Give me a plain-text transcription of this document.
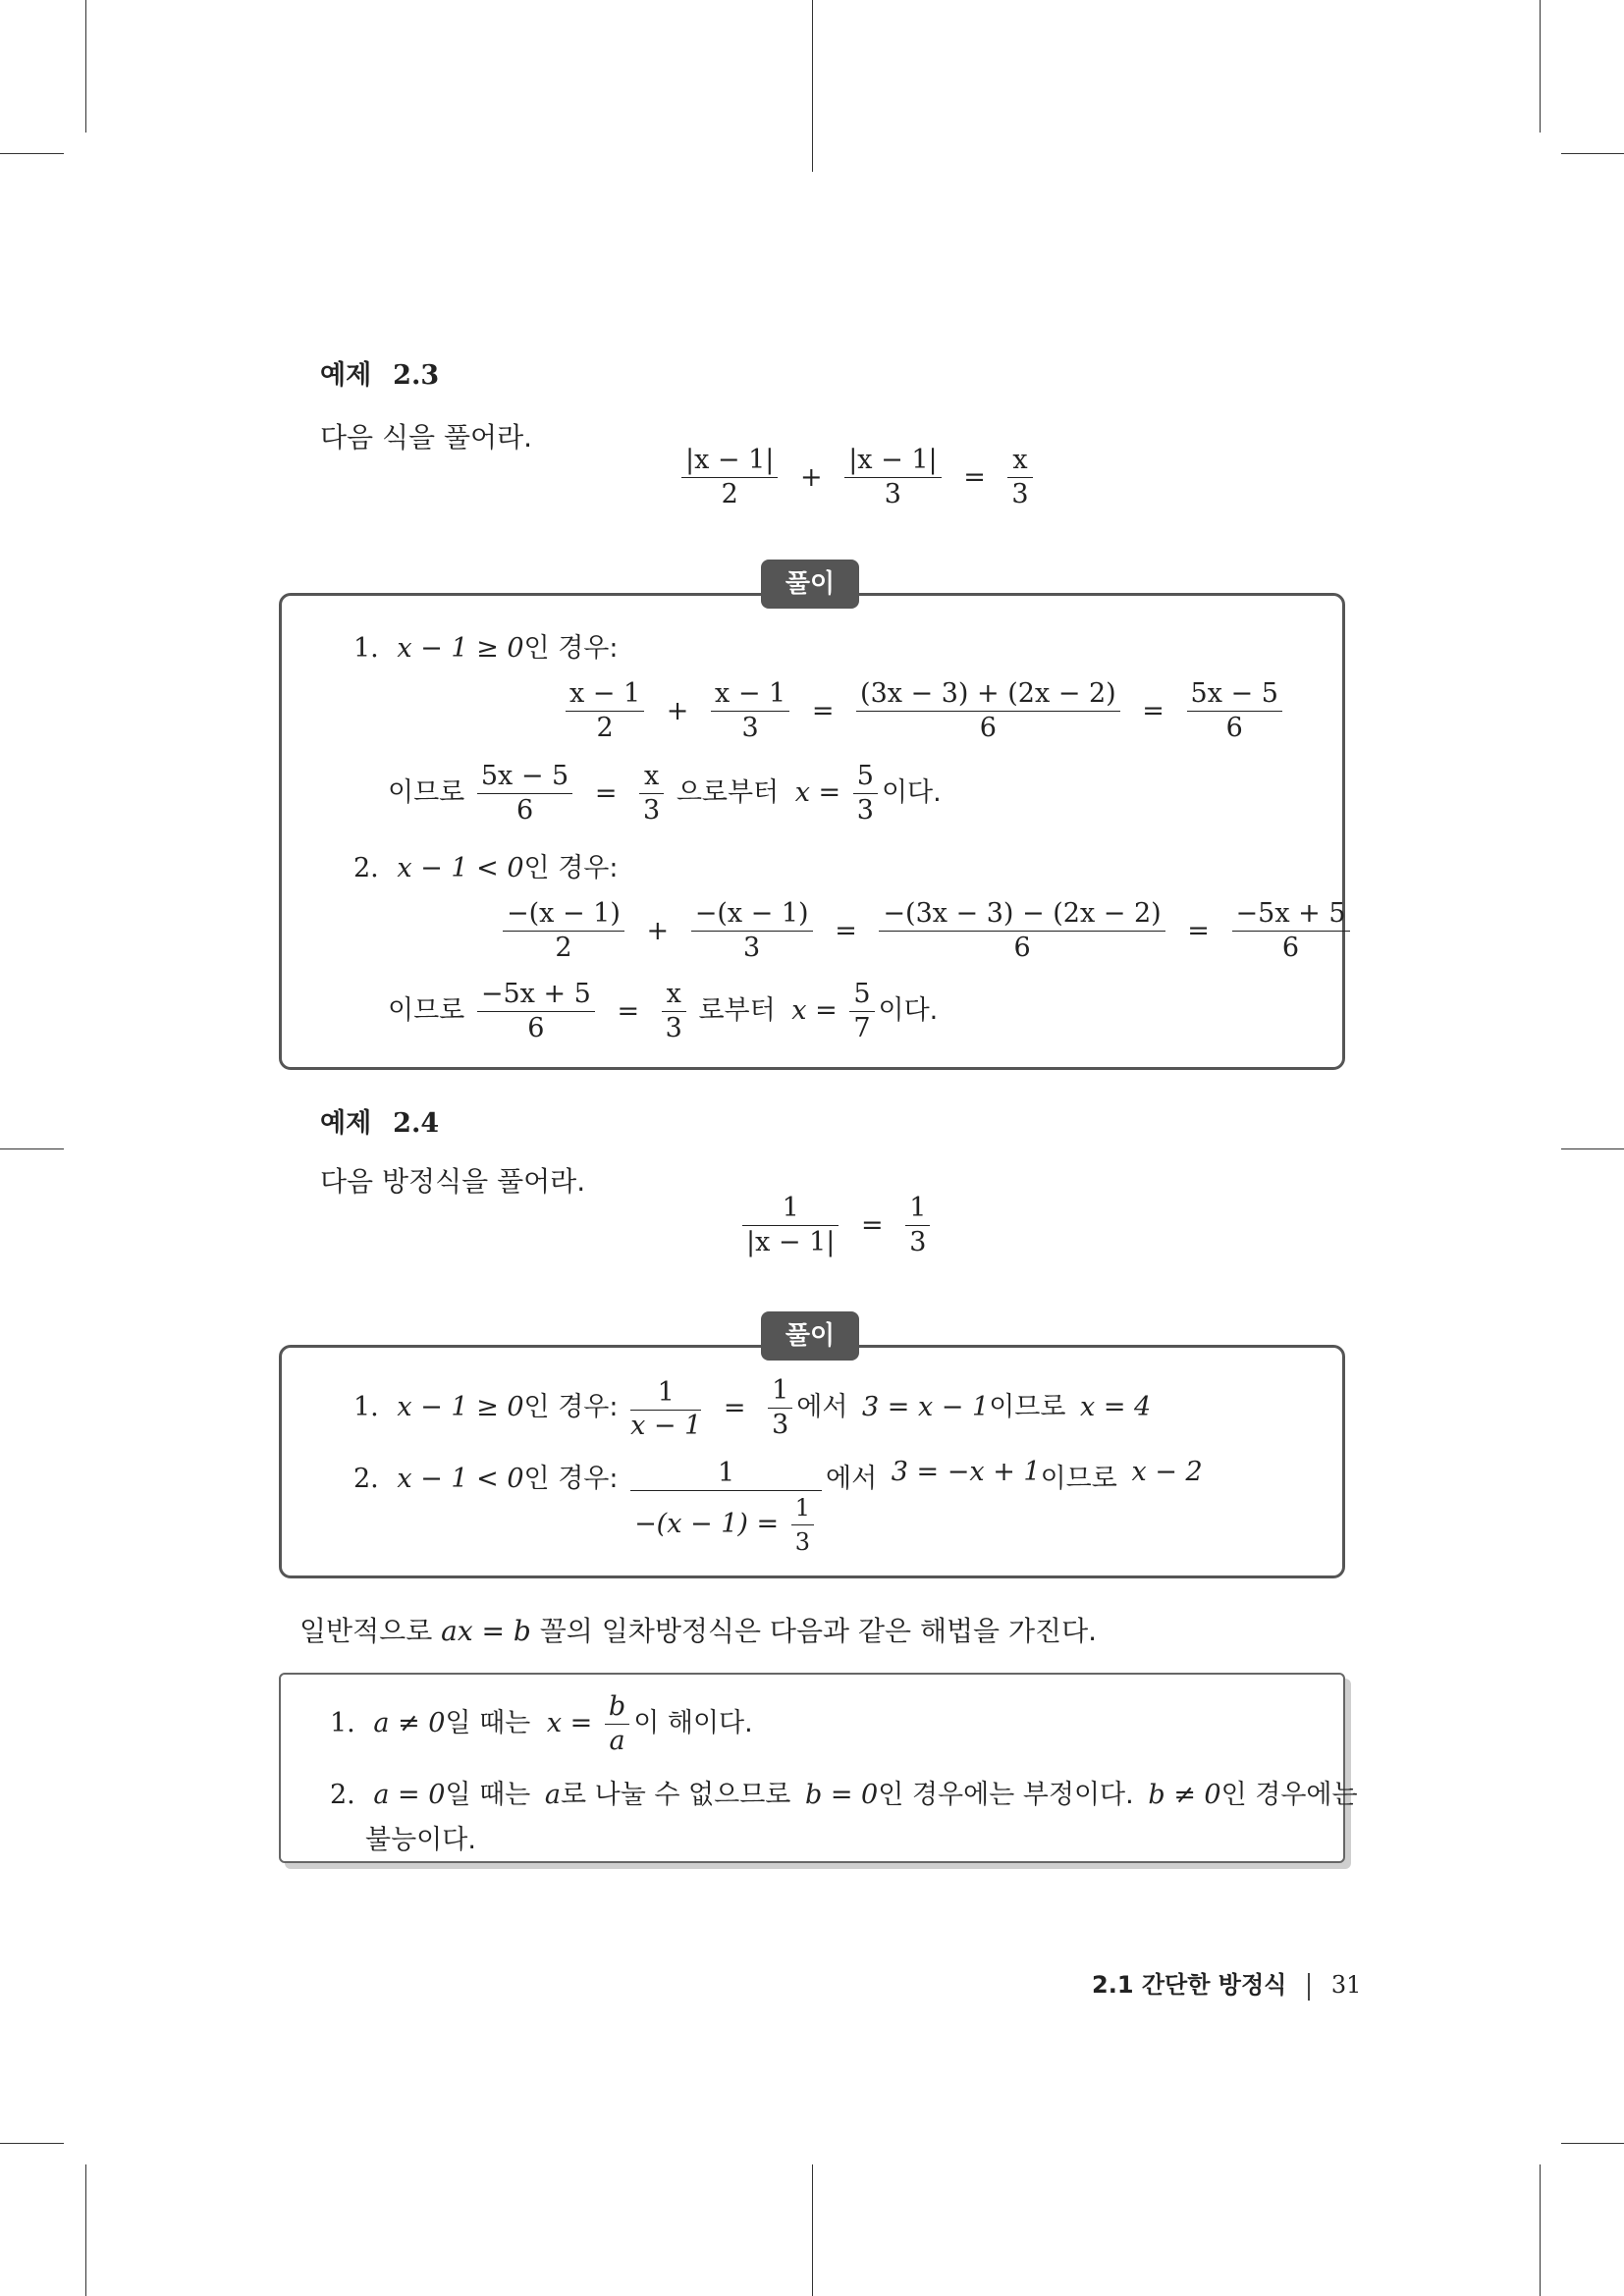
예제 2.3
다음 식을 풀어라.
$\frac{|x - 1|}{2} + \frac{|x - 1|}{3} = \frac{x}{3}$
풀이
1. x − 1 ≥ 0인 경우:
$\frac{x - 1}{2} + \frac{x - 1}{3} = \frac{(3x - 3) + (2x - 2)}{6} = \frac{5x - 5}{6}$
이므로 $\frac{5x - 5}{6} = \frac{x}{3}$ 으로부터 $x = \frac{5}{3}$ 이다.
2. x − 1 < 0인 경우:
$\frac{-(x - 1)}{2} + \frac{-(x - 1)}{3} = \frac{-(3x - 3) - (2x - 2)}{6} = \frac{-5x + 5}{6}$
이므로 $\frac{-5x + 5}{6} = \frac{x}{3}$ 로부터 $x = \frac{5}{7}$ 이다.
예제 2.4
다음 방정식을 풀어라.
$\frac{1}{|x - 1|} = \frac{1}{3}$
풀이
1. x − 1 ≥ 0인 경우: $\frac{1}{x - 1} = \frac{1}{3}$ 에서 3 = x − 1이므로 x = 4
2. x − 1 < 0인 경우: $\frac{1}{-(x - 1) = \frac{1}{3}}$ 에서 3 = −x + 1이므로 x − 2
일반적으로 ax = b 꼴의 일차방정식은 다음과 같은 해법을 가진다.
1. a ≠ 0일 때는 $x = \frac{b}{a}$ 이 해이다.
2. a = 0일 때는 a로 나눌 수 없으므로 b = 0인 경우에는 부정이다. b ≠ 0인 경우에는
불능이다.
2.1 간단한 방정식 31
